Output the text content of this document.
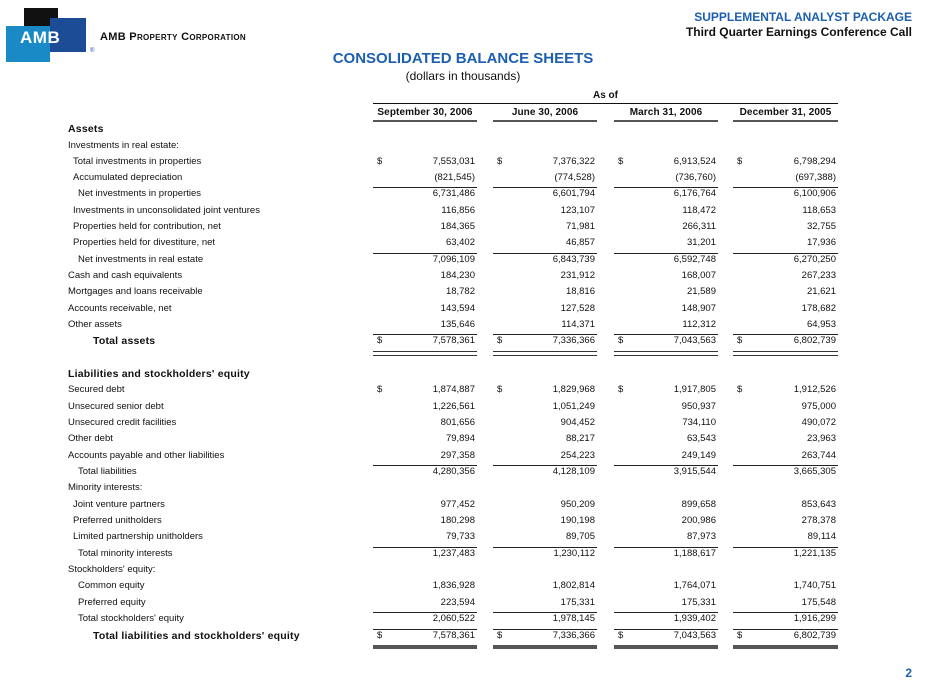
AMB
®
AMB Property Corporation
SUPPLEMENTAL ANALYST PACKAGE
Third Quarter Earnings Conference Call
CONSOLIDATED BALANCE SHEETS
(dollars in thousands)
As of
September 30, 2006	June 30, 2006	March 31, 2006	December 31, 2005
Assets
Investments in real estate:
Total investments in properties	$	7,553,031 $	7,376,322 $	6,913,524 $	6,798,294
Accumulated depreciation	(821,545)	(774,528)	(736,760)	(697,388)
Net investments in properties	6,731,486	6,601,794	6,176,764	6,100,906
Investments in unconsolidated joint ventures	116,856	123,107	118,472	118,653
Properties held for contribution, net	184,365	71,981	266,311	32,755
Properties held for divestiture, net	63,402	46,857	31,201	17,936
Net investments in real estate	7,096,109	6,843,739	6,592,748	6,270,250
Cash and cash equivalents	184,230	231,912	168,007	267,233
Mortgages and loans receivable	18,782	18,816	21,589	21,621
Accounts receivable, net	143,594	127,528	148,907	178,682
Other assets	135,646	114,371	112,312	64,953
Total assets	$	7,578,361 $	7,336,366 $	7,043,563 $	6,802,739
Liabilities and stockholders' equity
Secured debt	$	1,874,887 $	1,829,968 $	1,917,805 $	1,912,526
Unsecured senior debt	1,226,561	1,051,249	950,937	975,000
Unsecured credit facilities	801,656	904,452	734,110	490,072
Other debt	79,894	88,217	63,543	23,963
Accounts payable and other liabilities	297,358	254,223	249,149	263,744
Total liabilities	4,280,356	4,128,109	3,915,544	3,665,305
Minority interests:
Joint venture partners	977,452	950,209	899,658	853,643
Preferred unitholders	180,298	190,198	200,986	278,378
Limited partnership unitholders	79,733	89,705	87,973	89,114
Total minority interests	1,237,483	1,230,112	1,188,617	1,221,135
Stockholders' equity:
Common equity	1,836,928	1,802,814	1,764,071	1,740,751
Preferred equity	223,594	175,331	175,331	175,548
Total stockholders' equity	2,060,522	1,978,145	1,939,402	1,916,299
Total liabilities and stockholders' equity	$	7,578,361 $	7,336,366 $	7,043,563 $	6,802,739
2
